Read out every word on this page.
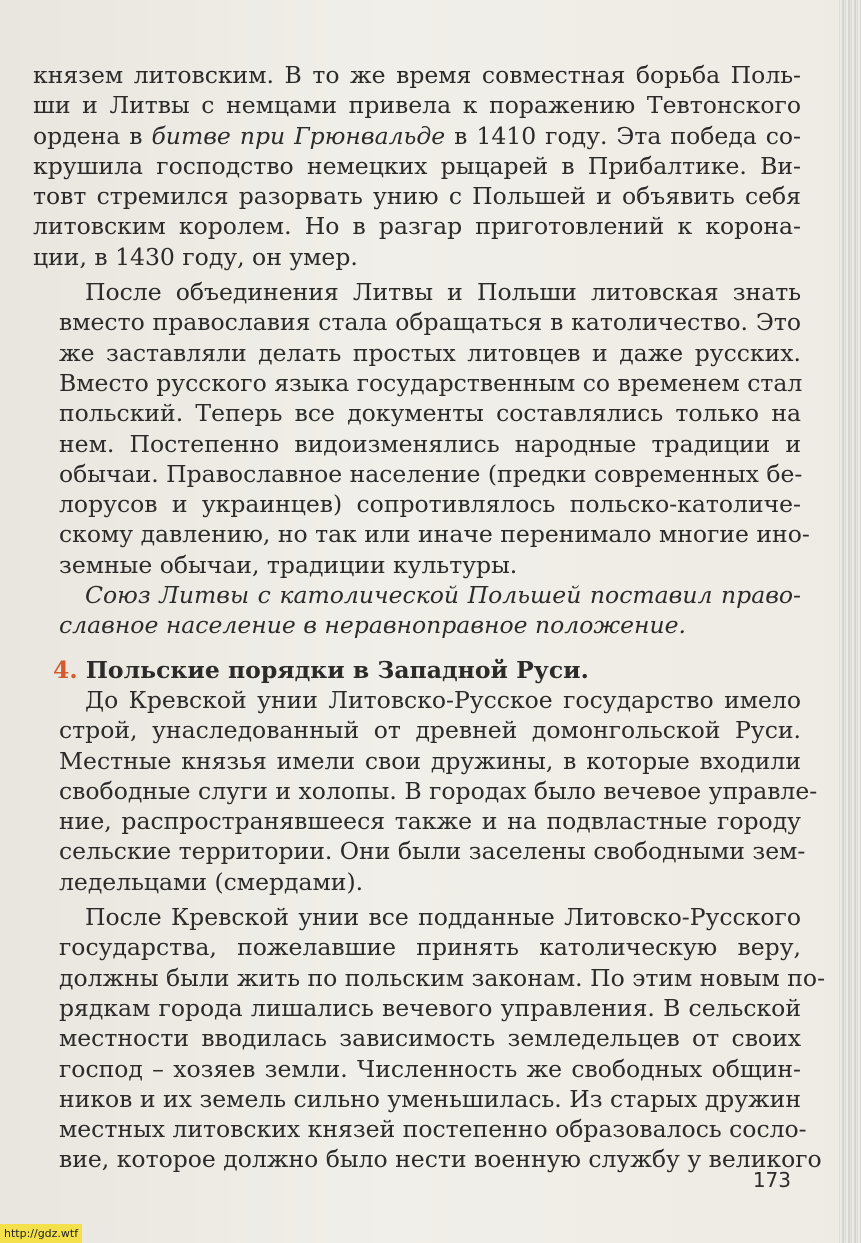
князем литовским. В то же время совместная борьба Поль-
ши и Литвы с немцами привела к поражению Тевтонского
ордена в битве при Грюнвальде в 1410 году. Эта победа со-
крушила господство немецких рыцарей в Прибалтике. Ви-
товт стремился разорвать унию с Польшей и объявить себя
литовским королем. Но в разгар приготовлений к корона-
ции, в 1430 году, он умер.

После объединения Литвы и Польши литовская знать
вместо православия стала обращаться в католичество. Это
же заставляли делать простых литовцев и даже русских.
Вместо русского языка государственным со временем стал
польский. Теперь все документы составлялись только на
нем. Постепенно видоизменялись народные традиции и
обычаи. Православное население (предки современных бе-
лорусов и украинцев) сопротивлялось польско-католиче-
скому давлению, но так или иначе перенимало многие ино-
земные обычаи, традиции культуры.

Союз Литвы с католической Польшей поставил право-
славное население в неравноправное положение.

4. Польские порядки в Западной Руси.

До Кревской унии Литовско-Русское государство имело
строй, унаследованный от древней домонгольской Руси.
Местные князья имели свои дружины, в которые входили
свободные слуги и холопы. В городах было вечевое управле-
ние, распространявшееся также и на подвластные городу
сельские территории. Они были заселены свободными зем-
ледельцами (смердами).

После Кревской унии все подданные Литовско-Русского
государства, пожелавшие принять католическую веру,
должны были жить по польским законам. По этим новым по-
рядкам города лишались вечевого управления. В сельской
местности вводилась зависимость земледельцев от своих
господ – хозяев земли. Численность же свободных общин-
ников и их земель сильно уменьшилась. Из старых дружин
местных литовских князей постепенно образовалось сосло-
вие, которое должно было нести военную службу у великого

173
http://gdz.wtf
